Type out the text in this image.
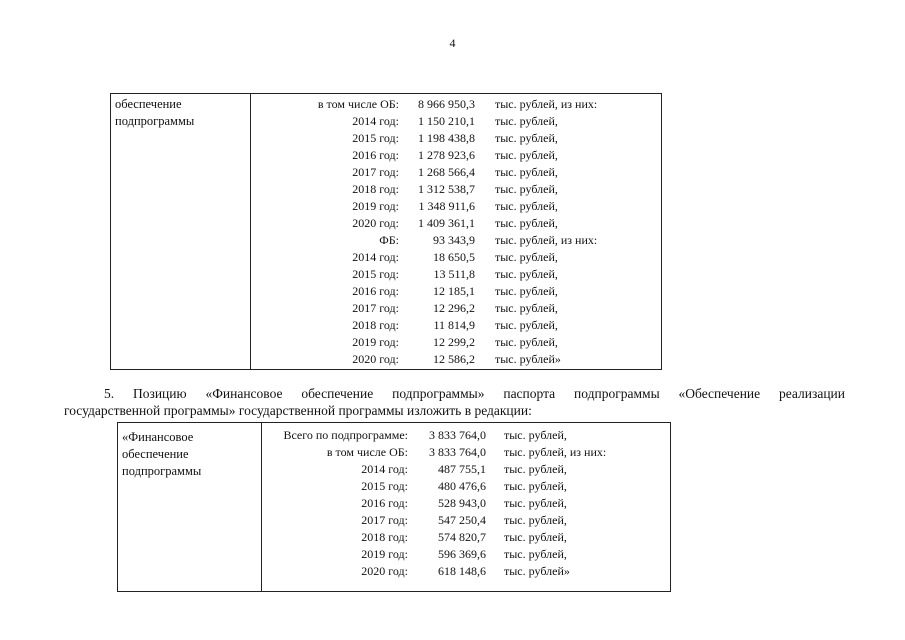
4
обеспечение
подпрограммы
в том числе ОБ:	8 966 950,3 тыс. рублей, из них:
2014 год:	1 150 210,1 тыс. рублей,
2015 год:	1 198 438,8 тыс. рублей,
2016 год:	1 278 923,6 тыс. рублей,
2017 год:	1 268 566,4 тыс. рублей,
2018 год:	1 312 538,7 тыс. рублей,
2019 год:	1 348 911,6 тыс. рублей,
2020 год:	1 409 361,1 тыс. рублей,
ФБ:	93 343,9 тыс. рублей, из них:
2014 год:	18 650,5 тыс. рублей,
2015 год:	13 511,8 тыс. рублей,
2016 год:	12 185,1 тыс. рублей,
2017 год:	12 296,2 тыс. рублей,
2018 год:	11 814,9 тыс. рублей,
2019 год:	12 299,2 тыс. рублей,
2020 год:	12 586,2 тыс. рублей»
5. Позицию «Финансовое обеспечение подпрограммы» паспорта подпрограммы «Обеспечение реализации
государственной программы» государственной программы изложить в редакции:
«Финансовое
обеспечение
подпрограммы
Всего по подпрограмме:	3 833 764,0 тыс. рублей,
в том числе ОБ:	3 833 764,0 тыс. рублей, из них:
2014 год:	487 755,1 тыс. рублей,
2015 год:	480 476,6 тыс. рублей,
2016 год:	528 943,0 тыс. рублей,
2017 год:	547 250,4 тыс. рублей,
2018 год:	574 820,7 тыс. рублей,
2019 год:	596 369,6 тыс. рублей,
2020 год:	618 148,6 тыс. рублей»
